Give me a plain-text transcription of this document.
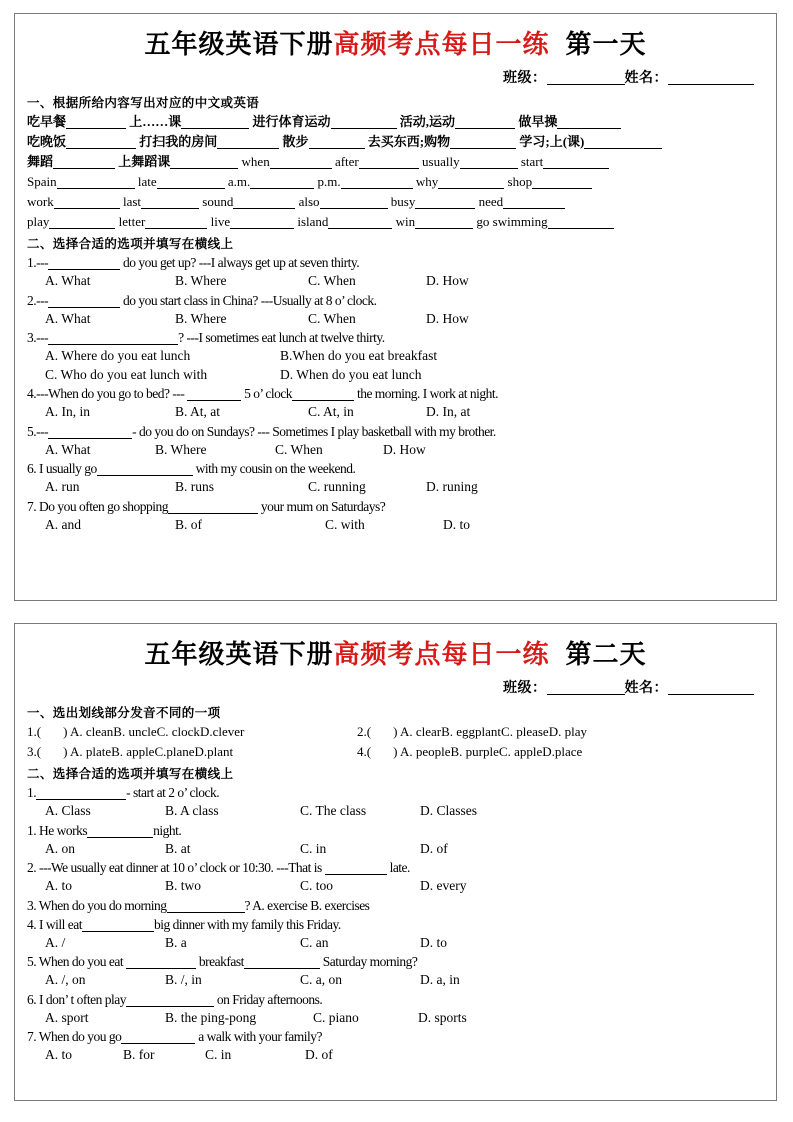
五年级英语下册高频考点每日一练 第一天
班级：	姓名：
一、根据所给内容写出对应的中文或英语
吃早餐	上……课	进行体育运动	活动,运动	做早操
吃晚饭	打扫我的房间	散步	去买东西;购物	学习;上(课)
舞蹈	上舞蹈课	when	after	usually	start
Spain	late	a.m.	p.m.	why	shop
work	last	sound	also	busy	need
play	letter	live	island	win	go swimming
二、选择合适的选项并填写在横线上
1.---	do you get up? ---I always get up at seven thirty.
A. What	B. Where	C. When	D. How
2.---	do you start class in China? ---Usually at 8 o’ clock.
A. What	B. Where	C. When	D. How
3.---	? ---I sometimes eat lunch at twelve thirty.
A. Where do you eat lunch	B.When do you eat breakfast
C. Who do you eat lunch with	D. When do you eat lunch
4.---When do you go to bed? ---	5 o’ clock	the morning. I work at night.
A. In, in	B. At, at	C. At, in	D. In, at
5.---	- do you do on Sundays? --- Sometimes I play basketball with my brother.
A. What	B. Where	C. When	D. How
6. I usually go	with my cousin on the weekend.
A. run	B. runs	C. running	D. runing
7. Do you often go shopping	your mum on Saturdays?
A. and	B. of	C. with	D. to
五年级英语下册高频考点每日一练 第二天
班级：	姓名：
一、选出划线部分发音不同的一项
1.( ) A. cleanB. uncleC. clockD.clever	2.( ) A. clearB. eggplantC. pleaseD. play
3.( ) A. plateB. appleC.planeD.plant	4.( ) A. peopleB. purpleC. appleD.place
二、选择合适的选项并填写在横线上
1.	- start at 2 o’ clock.
A. Class	B. A class	C. The class	D. Classes
1. He works	night.
A. on	B. at	C. in	D. of
2. ---We usually eat dinner at 10 o’ clock or 10:30. ---That is	late.
A. to	B. two	C. too	D. every
3. When do you do morning	? A. exercise B. exercises
4. I will eat	big dinner with my family this Friday.
A. /	B. a	C. an	D. to
5. When do you eat	breakfast	Saturday morning?
A. /, on	B. /, in	C. a, on	D. a, in
6. I don’ t often play	on Friday afternoons.
A. sport	B. the ping-pong	C. piano	D. sports
7. When do you go	a walk with your family?
A. to	B. for	C. in	D. of
